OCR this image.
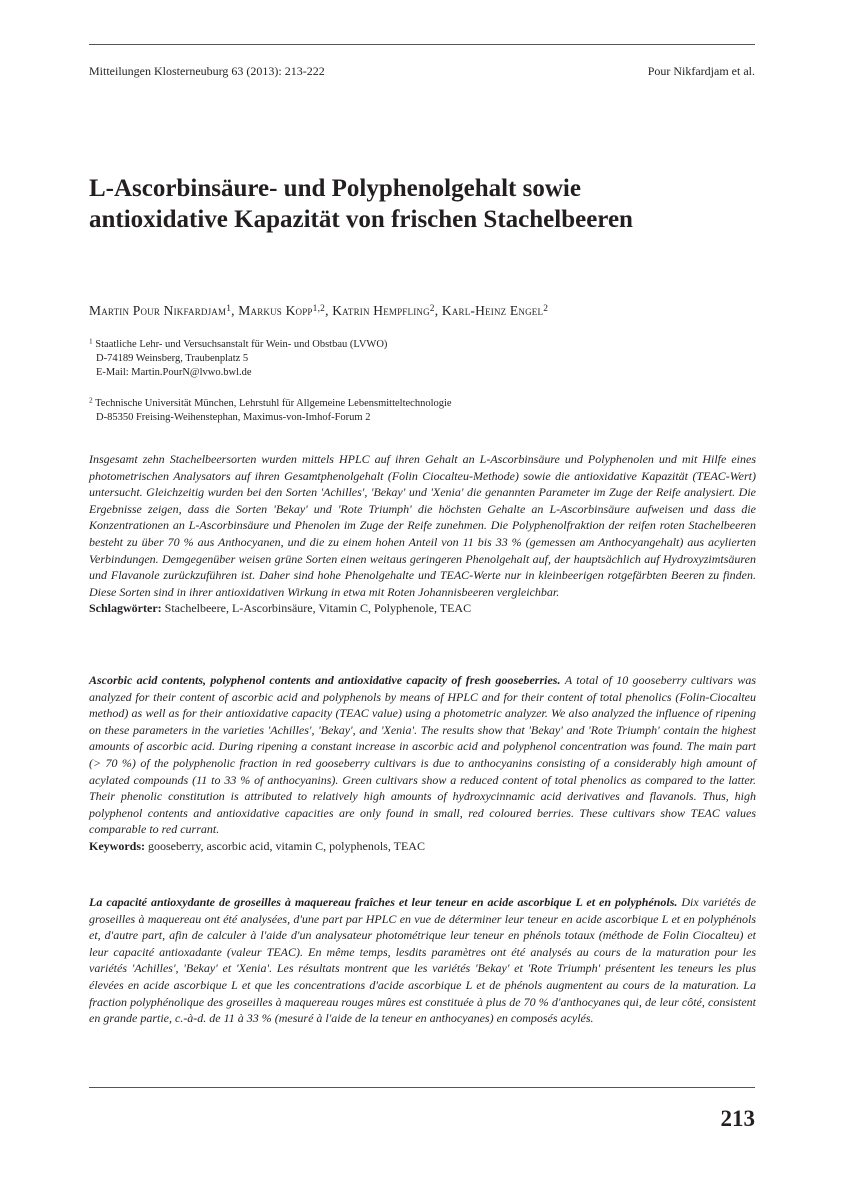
Mitteilungen Klosterneuburg 63 (2013): 213-222	Pour Nikfardjam et al.
L-Ascorbinsäure- und Polyphenolgehalt sowie
antioxidative Kapazität von frischen Stachelbeeren
Martin Pour Nikfardjam$^1$, Markus Kopp$^{1,2}$, Katrin Hempfling$^2$, Karl-Heinz Engel$^2$
$^1$ Staatliche Lehr- und Versuchsanstalt für Wein- und Obstbau (LVWO)
D-74189 Weinsberg, Traubenplatz 5
E-Mail: Martin.PourN@lvwo.bwl.de
$^2$ Technische Universität München, Lehrstuhl für Allgemeine Lebensmitteltechnologie
D-85350 Freising-Weihenstephan, Maximus-von-Imhof-Forum 2
Insgesamt zehn Stachelbeersorten wurden mittels HPLC auf ihren Gehalt an L-Ascorbinsäure und Polyphenolen und mit Hilfe eines photometrischen Analysators auf ihren Gesamtphenolgehalt (Folin Ciocalteu-Methode) sowie die antioxidative Kapazität (TEAC-Wert) untersucht. Gleichzeitig wurden bei den Sorten 'Achilles', 'Bekay' und 'Xenia' die genannten Parameter im Zuge der Reife analysiert. Die Ergebnisse zeigen, dass die Sorten 'Bekay' und 'Rote Triumph' die höchsten Gehalte an L-Ascorbinsäure aufweisen und dass die Konzentrationen an L-Ascorbinsäure und Phenolen im Zuge der Reife zunehmen. Die Polyphenolfraktion der reifen roten Stachelbeeren besteht zu über 70 % aus Anthocyanen, und die zu einem hohen Anteil von 11 bis 33 % (gemessen am Anthocyangehalt) aus acylierten Verbindungen. Demgegenüber weisen grüne Sorten einen weitaus geringeren Phenolgehalt auf, der hauptsächlich auf Hydroxyzimtsäuren und Flavanole zurückzuführen ist. Daher sind hohe Phenolgehalte und TEAC-Werte nur in kleinbeerigen rotgefärbten Beeren zu finden. Diese Sorten sind in ihrer antioxidativen Wirkung in etwa mit Roten Johannisbeeren vergleichbar.
Schlagwörter: Stachelbeere, L-Ascorbinsäure, Vitamin C, Polyphenole, TEAC
Ascorbic acid contents, polyphenol contents and antioxidative capacity of fresh gooseberries. A total of 10 gooseberry cultivars was analyzed for their content of ascorbic acid and polyphenols by means of HPLC and for their content of total phenolics (Folin-Ciocalteu method) as well as for their antioxidative capacity (TEAC value) using a photometric analyzer. We also analyzed the influence of ripening on these parameters in the varieties 'Achilles', 'Bekay', and 'Xenia'. The results show that 'Bekay' and 'Rote Triumph' contain the highest amounts of ascorbic acid. During ripening a constant increase in ascorbic acid and polyphenol concentration was found. The main part (> 70 %) of the polyphenolic fraction in red gooseberry cultivars is due to anthocyanins consisting of a considerably high amount of acylated compounds (11 to 33 % of anthocyanins). Green cultivars show a reduced content of total phenolics as compared to the latter. Their phenolic constitution is attributed to relatively high amounts of hydroxycinnamic acid derivatives and flavanols. Thus, high polyphenol contents and antioxidative capacities are only found in small, red coloured berries. These cultivars show TEAC values comparable to red currant.
Keywords: gooseberry, ascorbic acid, vitamin C, polyphenols, TEAC
La capacité antioxydante de groseilles à maquereau fraîches et leur teneur en acide ascorbique L et en polyphénols. Dix variétés de groseilles à maquereau ont été analysées, d'une part par HPLC en vue de déterminer leur teneur en acide ascorbique L et en polyphénols et, d'autre part, afin de calculer à l'aide d'un analysateur photométrique leur teneur en phénols totaux (méthode de Folin Ciocalteu) et leur capacité antioxadante (valeur TEAC). En même temps, lesdits paramètres ont été analysés au cours de la maturation pour les variétés 'Achilles', 'Bekay' et 'Xenia'. Les résultats montrent que les variétés 'Bekay' et 'Rote Triumph' présentent les teneurs les plus élevées en acide ascorbique L et que les concentrations d'acide ascorbique L et de phénols augmentent au cours de la maturation. La fraction polyphénolique des groseilles à maquereau rouges mûres est constituée à plus de 70 % d'anthocyanes qui, de leur côté, consistent en grande partie, c.-à-d. de 11 à 33 % (mesuré à l'aide de la teneur en anthocyanes) en composés acylés.
213
